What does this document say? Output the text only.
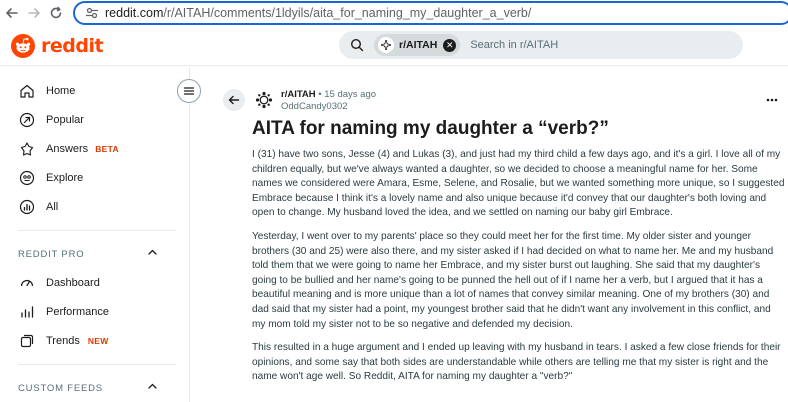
reddit.com/r/AITAH/comments/1ldyils/aita_for_naming_my_daughter_a_verb/
reddit	r/AITAH ✕ Search in r/AITAH
Home
Popular
Answers BETA
Explore
All
REDDIT PRO
Dashboard
Performance
Trends NEW
CUSTOM FEEDS
r/AITAH • 15 days ago
OddCandy0302
AITA for naming my daughter a “verb?”

I (31) have two sons, Jesse (4) and Lukas (3), and just had my third child a few days ago, and it's a girl. I love all of my children equally, but we've always wanted a daughter, so we decided to choose a meaningful name for her. Some names we considered were Amara, Esme, Selene, and Rosalie, but we wanted something more unique, so I suggested Embrace because I think it's a lovely name and also unique because it'd convey that our daughter's both loving and open to change. My husband loved the idea, and we settled on naming our baby girl Embrace.

Yesterday, I went over to my parents' place so they could meet her for the first time. My older sister and younger brothers (30 and 25) were also there, and my sister asked if I had decided on what to name her. Me and my husband told them that we were going to name her Embrace, and my sister burst out laughing. She said that my daughter's going to be bullied and her name's going to be punned the hell out of if I name her a verb, but I argued that it has a beautiful meaning and is more unique than a lot of names that convey similar meaning. One of my brothers (30) and dad said that my sister had a point, my youngest brother said that he didn't want any involvement in this conflict, and my mom told my sister not to be so negative and defended my decision.

This resulted in a huge argument and I ended up leaving with my husband in tears. I asked a few close friends for their opinions, and some say that both sides are understandable while others are telling me that my sister is right and the name won't age well. So Reddit, AITA for naming my daughter a "verb?"
